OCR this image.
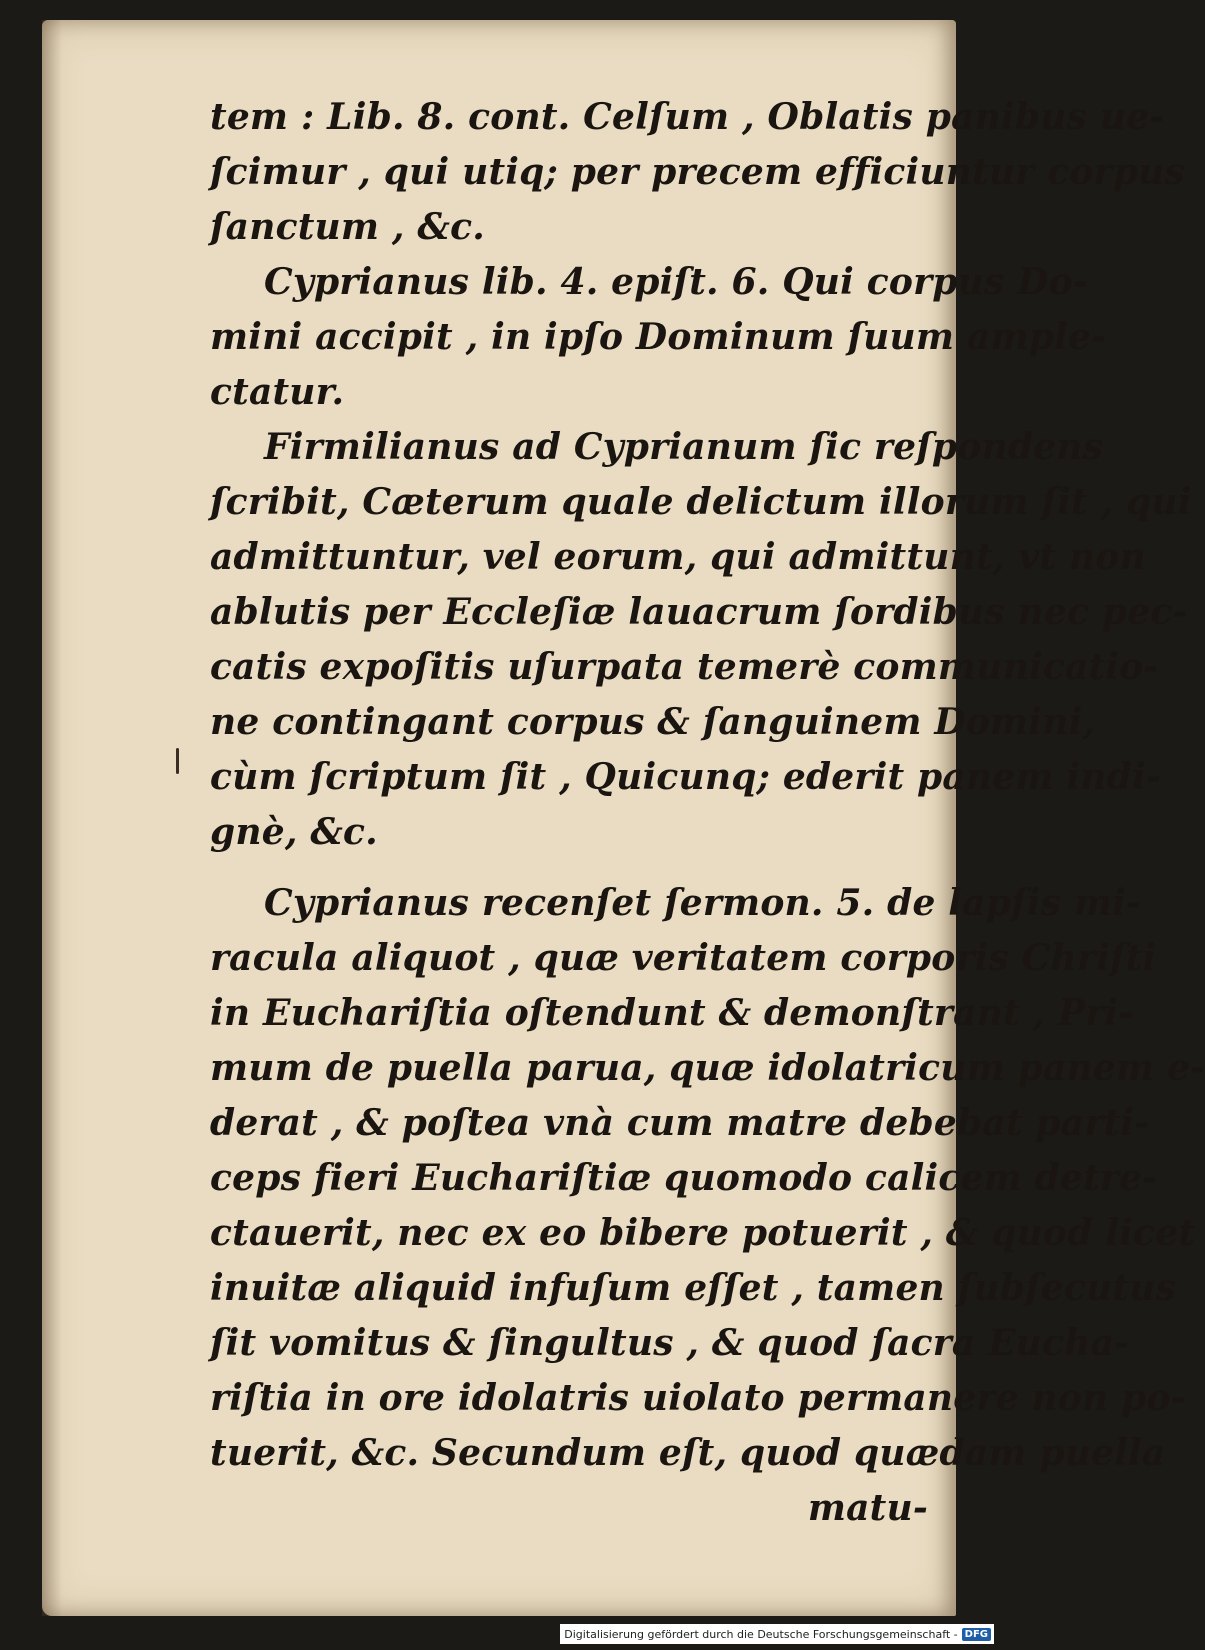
tem : Lib. 8. cont. Celſum , Oblatis panibus ue-
ſcimur , qui utiq; per precem efficiuntur corpus
ſanctum , &c.
Cyprianus lib. 4. epiſt. 6. Qui corpus Do-
mini accipit , in ipſo Dominum ſuum ample-
ctatur.
Firmilianus ad Cyprianum ſic reſpondens
ſcribit, Cæterum quale delictum illorum ſit , qui
admittuntur, vel eorum, qui admittunt, vt non
ablutis per Eccleſiæ lauacrum ſordibus nec pec-
catis expoſitis uſurpata temerè communicatio-
ne contingant corpus & ſanguinem Domini,
cùm ſcriptum ſit , Quicunq; ederit panem indi-
gnè, &c.
Cyprianus recenſet ſermon. 5. de lapſis mi-
racula aliquot , quæ veritatem corporis Chriſti
in Euchariſtia oſtendunt & demonſtrant , Pri-
mum de puella parua, quæ idolatricum panem e-
derat , & poſtea vnà cum matre debebat parti-
ceps fieri Euchariſtiæ quomodo calicem detre-
ctauerit, nec ex eo bibere potuerit , & quod licet
inuitæ aliquid infuſum eſſet , tamen ſubſecutus
ſit vomitus & ſingultus , & quod ſacra Eucha-
riſtia in ore idolatris uiolato permanere non po-
tuerit, &c. Secundum eſt, quod quædam puella
matu-
Digitalisierung gefördert durch die Deutsche Forschungsgemeinschaft - DFG
